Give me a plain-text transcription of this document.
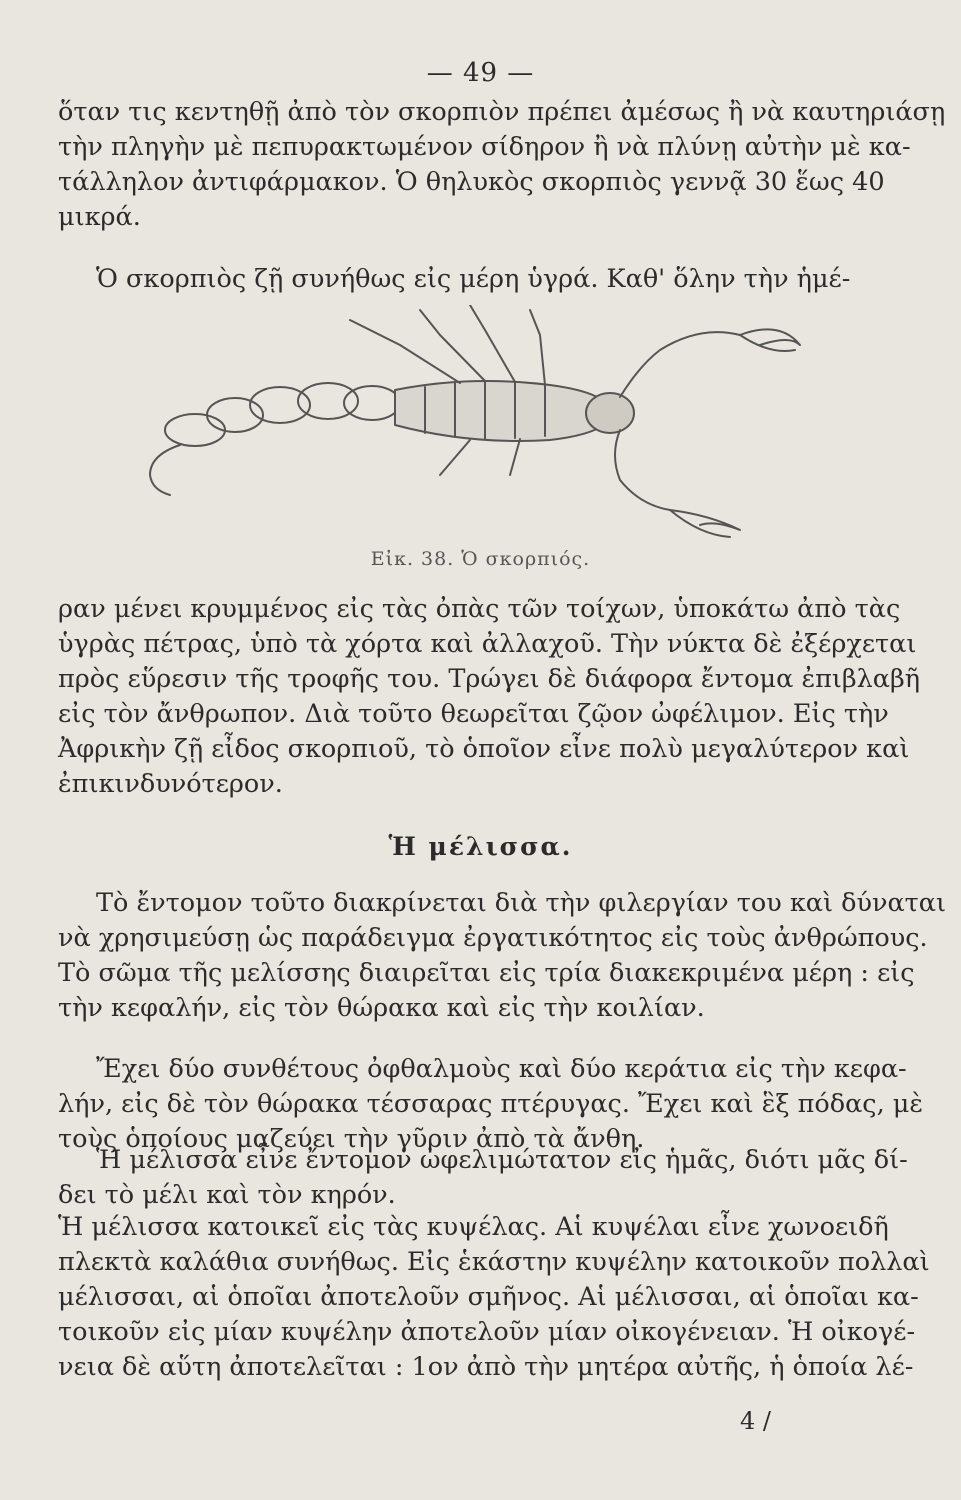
— 49 —
ὅταν τις κεντηθῇ ἀπὸ τὸν σκορπιὸν πρέπει ἀμέσως ἢ νὰ καυτηριάσῃ
τὴν πληγὴν μὲ πεπυρακτωμένον σίδηρον ἢ νὰ πλύνῃ αὐτὴν μὲ κα-
τάλληλον ἀντιφάρμακον. Ὁ θηλυκὸς σκορπιὸς γεννᾷ 30 ἕως 40
μικρά.
Ὁ σκορπιὸς ζῇ συνήθως εἰς μέρη ὑγρά. Καθ' ὅλην τὴν ἡμέ-
Εἰκ. 38. Ὁ σκορπιός.
ραν μένει κρυμμένος εἰς τὰς ὀπὰς τῶν τοίχων, ὑποκάτω ἀπὸ τὰς
ὑγρὰς πέτρας, ὑπὸ τὰ χόρτα καὶ ἀλλαχοῦ. Τὴν νύκτα δὲ ἐξέρχεται
πρὸς εὕρεσιν τῆς τροφῆς του. Τρώγει δὲ διάφορα ἔντομα ἐπιβλαβῆ
εἰς τὸν ἄνθρωπον. Διὰ τοῦτο θεωρεῖται ζῷον ὠφέλιμον. Εἰς τὴν
Ἀφρικὴν ζῇ εἶδος σκορπιοῦ, τὸ ὁποῖον εἶνε πολὺ μεγαλύτερον καὶ
ἐπικινδυνότερον.
Ἡ μέλισσα.
Τὸ ἔντομον τοῦτο διακρίνεται διὰ τὴν φιλεργίαν του καὶ δύναται
νὰ χρησιμεύσῃ ὡς παράδειγμα ἐργατικότητος εἰς τοὺς ἀνθρώπους.
Τὸ σῶμα τῆς μελίσσης διαιρεῖται εἰς τρία διακεκριμένα μέρη : εἰς
τὴν κεφαλήν, εἰς τὸν θώρακα καὶ εἰς τὴν κοιλίαν.
Ἔχει δύο συνθέτους ὀφθαλμοὺς καὶ δύο κεράτια εἰς τὴν κεφα-
λήν, εἰς δὲ τὸν θώρακα τέσσαρας πτέρυγας. Ἔχει καὶ ἓξ πόδας, μὲ
τοὺς ὁποίους μαζεύει τὴν γῦριν ἀπὸ τὰ ἄνθη.
Ἡ μέλισσα εἶνε ἔντομον ὠφελιμώτατον εἰς ἡμᾶς, διότι μᾶς δί-
δει τὸ μέλι καὶ τὸν κηρόν.
Ἡ μέλισσα κατοικεῖ εἰς τὰς κυψέλας. Αἱ κυψέλαι εἶνε χωνοειδῆ
πλεκτὰ καλάθια συνήθως. Εἰς ἑκάστην κυψέλην κατοικοῦν πολλαὶ
μέλισσαι, αἱ ὁποῖαι ἀποτελοῦν σμῆνος. Αἱ μέλισσαι, αἱ ὁποῖαι κα-
τοικοῦν εἰς μίαν κυψέλην ἀποτελοῦν μίαν οἰκογένειαν. Ἡ οἰκογέ-
νεια δὲ αὕτη ἀποτελεῖται : 1ον ἀπὸ τὴν μητέρα αὐτῆς, ἡ ὁποία λέ-
4 /
